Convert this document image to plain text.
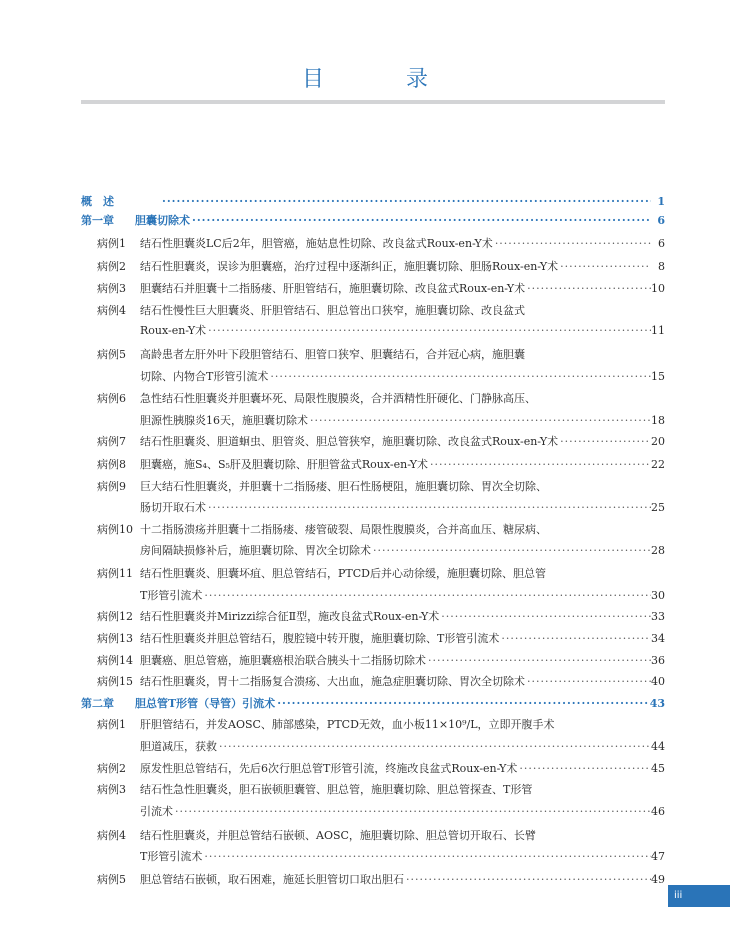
目　录
概　述 ·····	1
第一章 胆囊切除术 ·····	6
病例1 结石性胆囊炎LC后2年，胆管癌，施姑息性切除、改良盆式Roux-en-Y术 ·····	6
病例2 结石性胆囊炎，误诊为胆囊癌，治疗过程中逐渐纠正，施胆囊切除、胆肠Roux-en-Y术 ·····	8
病例3 胆囊结石并胆囊十二指肠瘘、肝胆管结石，施胆囊切除、改良盆式Roux-en-Y术 ·····	10
病例4 结石性慢性巨大胆囊炎、肝胆管结石、胆总管出口狭窄，施胆囊切除、改良盆式
Roux-en-Y术 ·····	11
病例5 高龄患者左肝外叶下段胆管结石、胆管口狭窄、胆囊结石，合并冠心病，施胆囊
切除、内物合T形管引流术 ·····	15
病例6 急性结石性胆囊炎并胆囊坏死、局限性腹膜炎，合并酒精性肝硬化、门静脉高压、
胆源性胰腺炎16天，施胆囊切除术 ·····	18
病例7 结石性胆囊炎、胆道蛔虫、胆管炎、胆总管狭窄，施胆囊切除、改良盆式Roux-en-Y术 ·····	20
病例8 胆囊癌，施S₄、S₅肝及胆囊切除、肝胆管盆式Roux-en-Y术 ·····	22
病例9 巨大结石性胆囊炎，并胆囊十二指肠瘘、胆石性肠梗阻，施胆囊切除、胃次全切除、
肠切开取石术 ·····	25
病例10 十二指肠溃疡并胆囊十二指肠瘘、瘘管破裂、局限性腹膜炎，合并高血压、糖尿病、
房间隔缺损修补后，施胆囊切除、胃次全切除术 ·····	28
病例11 结石性胆囊炎、胆囊坏疽、胆总管结石，PTCD后并心动徐缓，施胆囊切除、胆总管
T形管引流术 ·····	30
病例12 结石性胆囊炎并Mirizzi综合征Ⅱ型，施改良盆式Roux-en-Y术 ·····	33
病例13 结石性胆囊炎并胆总管结石，腹腔镜中转开腹，施胆囊切除、T形管引流术 ·····	34
病例14 胆囊癌、胆总管癌，施胆囊癌根治联合胰头十二指肠切除术 ·····	36
病例15 结石性胆囊炎，胃十二指肠复合溃疡、大出血，施急症胆囊切除、胃次全切除术 ·····	40
第二章 胆总管T形管（导管）引流术 ·····	43
病例1 肝胆管结石，并发AOSC、肺部感染，PTCD无效，血小板11×10⁹/L，立即开腹手术
胆道减压，获救 ·····	44
病例2 原发性胆总管结石，先后6次行胆总管T形管引流，终施改良盆式Roux-en-Y术 ·····	45
病例3 结石性急性胆囊炎，胆石嵌顿胆囊管、胆总管，施胆囊切除、胆总管探查、T形管
引流术 ·····	46
病例4 结石性胆囊炎，并胆总管结石嵌顿、AOSC，施胆囊切除、胆总管切开取石、长臂
T形管引流术 ·····	47
病例5 胆总管结石嵌顿，取石困难，施延长胆管切口取出胆石 ·····	49
iii
